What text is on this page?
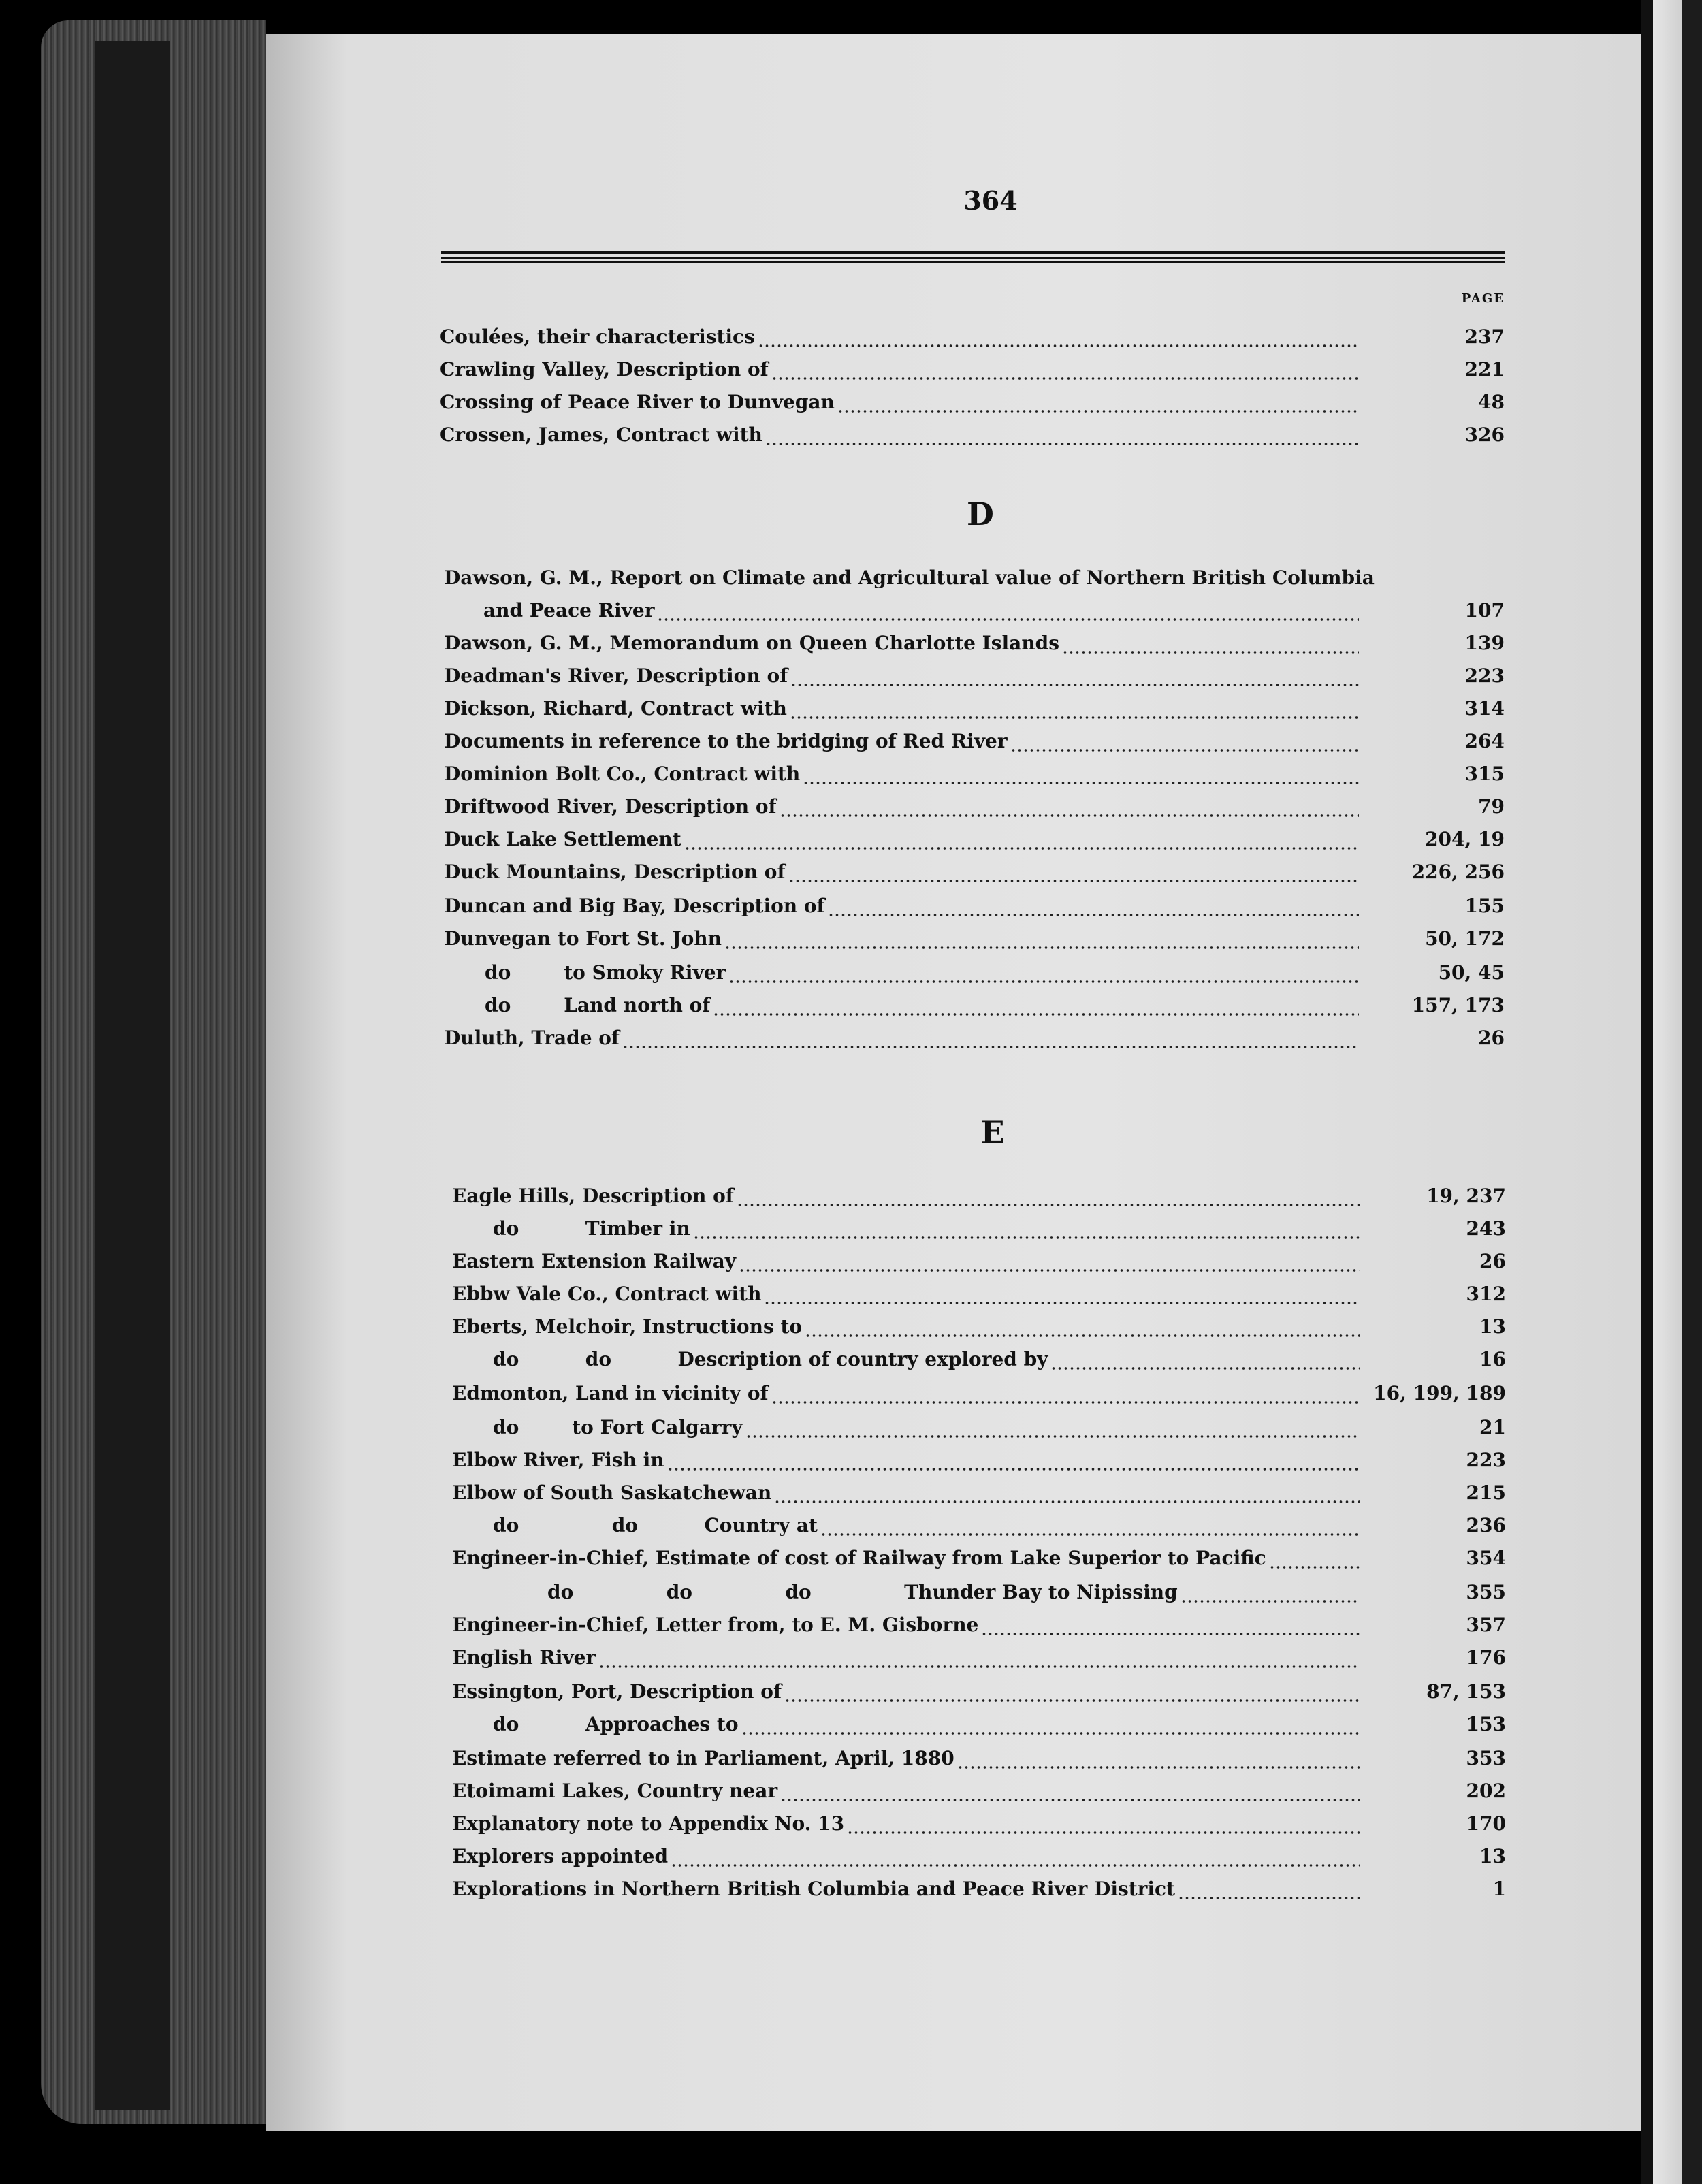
364
PAGE
Coulées, their characteristics	237
Crawling Valley, Description of	221
Crossing of Peace River to Dunvegan	48
Crossen, James, Contract with	326
D
Dawson, G. M., Report on Climate and Agricultural value of Northern British Columbia
and Peace River	107
Dawson, G. M., Memorandum on Queen Charlotte Islands	139
Deadman's River, Description of	223
Dickson, Richard, Contract with	314
Documents in reference to the bridging of Red River	264
Dominion Bolt Co., Contract with	315
Driftwood River, Description of	79
Duck Lake Settlement	204, 19
Duck Mountains, Description of	226, 256
Duncan and Big Bay, Description of	155
Dunvegan to Fort St. John	50, 172
do        to Smoky River	50, 45
do        Land north of	157, 173
Duluth, Trade of	26
E
Eagle Hills, Description of	19, 237
do          Timber in	243
Eastern Extension Railway	26
Ebbw Vale Co., Contract with	312
Eberts, Melchoir, Instructions to	13
do          do          Description of country explored by	16
Edmonton, Land in vicinity of	16, 199, 189
do        to Fort Calgarry	21
Elbow River, Fish in	223
Elbow of South Saskatchewan	215
do              do          Country at	236
Engineer-in-Chief, Estimate of cost of Railway from Lake Superior to Pacific	354
do              do              do              Thunder Bay to Nipissing	355
Engineer-in-Chief, Letter from, to E. M. Gisborne	357
English River	176
Essington, Port, Description of	87, 153
do          Approaches to	153
Estimate referred to in Parliament, April, 1880	353
Etoimami Lakes, Country near	202
Explanatory note to Appendix No. 13	170
Explorers appointed	13
Explorations in Northern British Columbia and Peace River District	1
